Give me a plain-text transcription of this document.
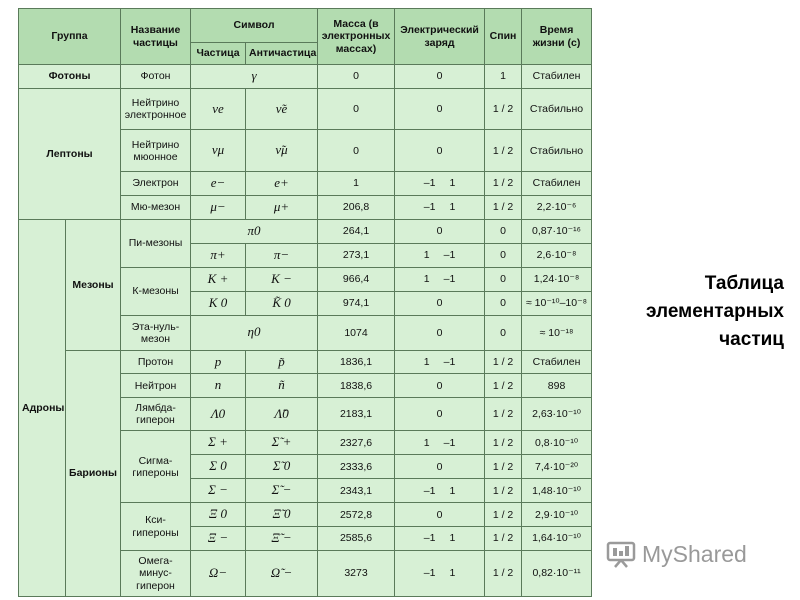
Группа		Название частицы	Символ		Масса (в электронных массах)	Электрический заряд	Спин	Время жизни (с)
			Частица	Античастица				
Фотоны		Фотон	γ		0	0	1	Стабилен
Лептоны		Нейтрино электронное	νe	ν̃e	0	0	1 / 2	Стабильно
		Нейтрино мюонное	νμ	ν̃μ	0	0	1 / 2	Стабильно
		Электрон	e−	e+	1	–1 1	1 / 2	Стабилен
		Мю-мезон	μ−	μ+	206,8	–1 1	1 / 2	2,2·10⁻⁶
Адроны	Мезоны	Пи-мезоны	π0		264,1	0	0	0,87·10⁻¹⁶
			π+	π−	273,1	1 –1	0	2,6·10⁻⁸
		К-мезоны	K +	K −	966,4	1 –1	0	1,24·10⁻⁸
			K 0	K̃ 0	974,1	0	0	≈ 10⁻¹⁰–10⁻⁸
		Эта-нуль-мезон	η0		1074	0	0	≈ 10⁻¹⁸
	Барионы	Протон	p	p̃	1836,1	1 –1	1 / 2	Стабилен
		Нейтрон	n	ñ	1838,6	0	1 / 2	898
		Лямбда-гиперон	Λ0	Λ̃0	2183,1	0	1 / 2	2,63·10⁻¹⁰
		Сигма-гипероны	Σ +	Σ̃ +	2327,6	1 –1	1 / 2	0,8·10⁻¹⁰
			Σ 0	Σ̃ 0	2333,6	0	1 / 2	7,4·10⁻²⁰
			Σ −	Σ̃ −	2343,1	–1 1	1 / 2	1,48·10⁻¹⁰
		Кси-гипероны	Ξ 0	Ξ̃ 0	2572,8	0	1 / 2	2,9·10⁻¹⁰
			Ξ −	Ξ̃ −	2585,6	–1 1	1 / 2	1,64·10⁻¹⁰
		Омега-минус-гиперон	Ω−	Ω̃ −	3273	–1 1	1 / 2	0,82·10⁻¹¹
Таблица элементарных частиц
MyShared
